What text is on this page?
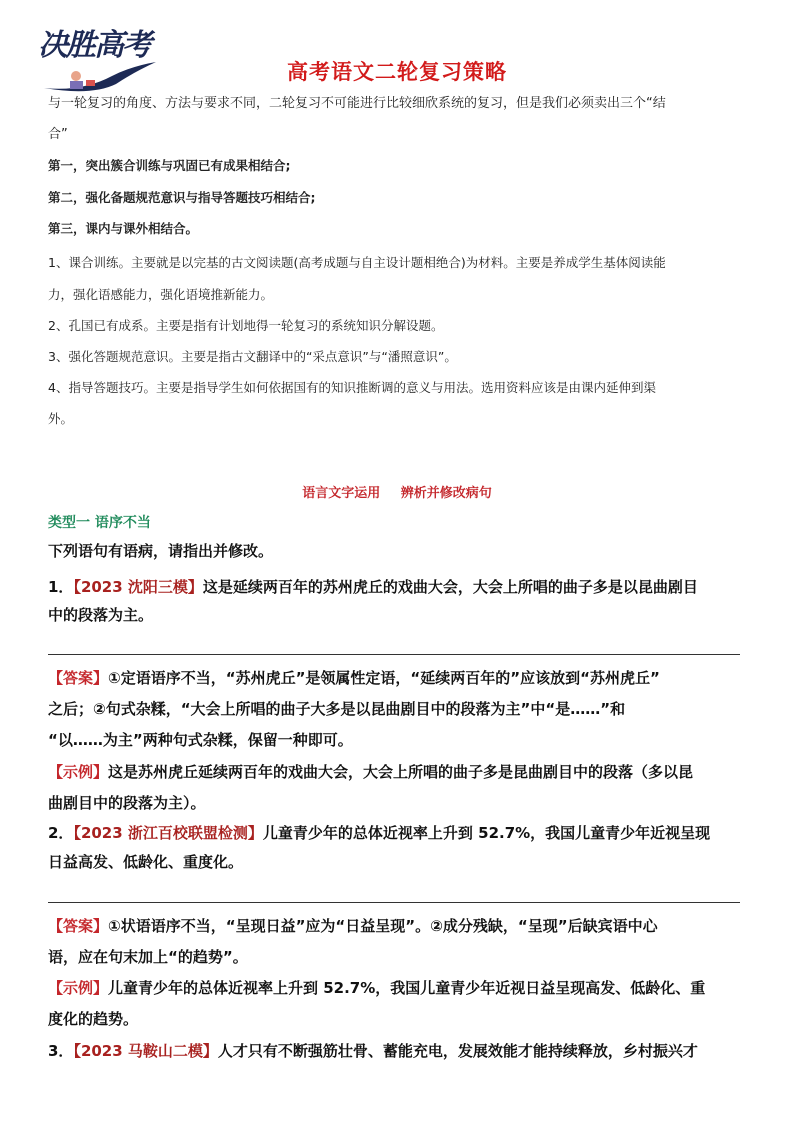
决胜高考
高考语文二轮复习策略
与一轮复习的角度、方法与要求不同，二轮复习不可能进行比较细欣系统的复习，但是我们必须卖出三个“结
合”
第一，突出簇合训练与巩固已有成果相结合;
第二，强化备题规范意识与指导答题技巧相结合;
第三，课内与课外相结合。
1、课合训练。主要就是以完基的古文阅读题(高考成题与自主设计题相绝合)为材料。主要是养成学生基体阅读能
力，强化语感能力，强化语境推新能力。
2、孔国已有成系。主要是指有计划地得一轮复习的系统知识分解设题。
3、强化答题规范意识。主要是指古文翻译中的“采点意识”与“潘照意识”。
4、指导答题技巧。主要是指导学生如何依据国有的知识推断调的意义与用法。选用资料应该是由课内延伸到渠
外。
语言文字运用 辨析并修改病句
类型一 语序不当
下列语句有语病，请指出并修改。
1．【2023 沈阳三模】这是延续两百年的苏州虎丘的戏曲大会，大会上所唱的曲子多是以昆曲剧目
中的段落为主。
【答案】①定语语序不当，“苏州虎丘”是领属性定语，“延续两百年的”应该放到“苏州虎丘”
之后；②句式杂糅，“大会上所唱的曲子大多是以昆曲剧目中的段落为主”中“是……”和
“以……为主”两种句式杂糅，保留一种即可。
【示例】这是苏州虎丘延续两百年的戏曲大会，大会上所唱的曲子多是昆曲剧目中的段落（多以昆
曲剧目中的段落为主）。
2．【2023 浙江百校联盟检测】儿童青少年的总体近视率上升到 52.7%，我国儿童青少年近视呈现
日益高发、低龄化、重度化。
【答案】①状语语序不当，“呈现日益”应为“日益呈现”。②成分残缺，“呈现”后缺宾语中心
语，应在句末加上“的趋势”。
【示例】儿童青少年的总体近视率上升到 52.7%，我国儿童青少年近视日益呈现高发、低龄化、重
度化的趋势。
3．【2023 马鞍山二模】人才只有不断强筋壮骨、蓄能充电，发展效能才能持续释放，乡村振兴才
